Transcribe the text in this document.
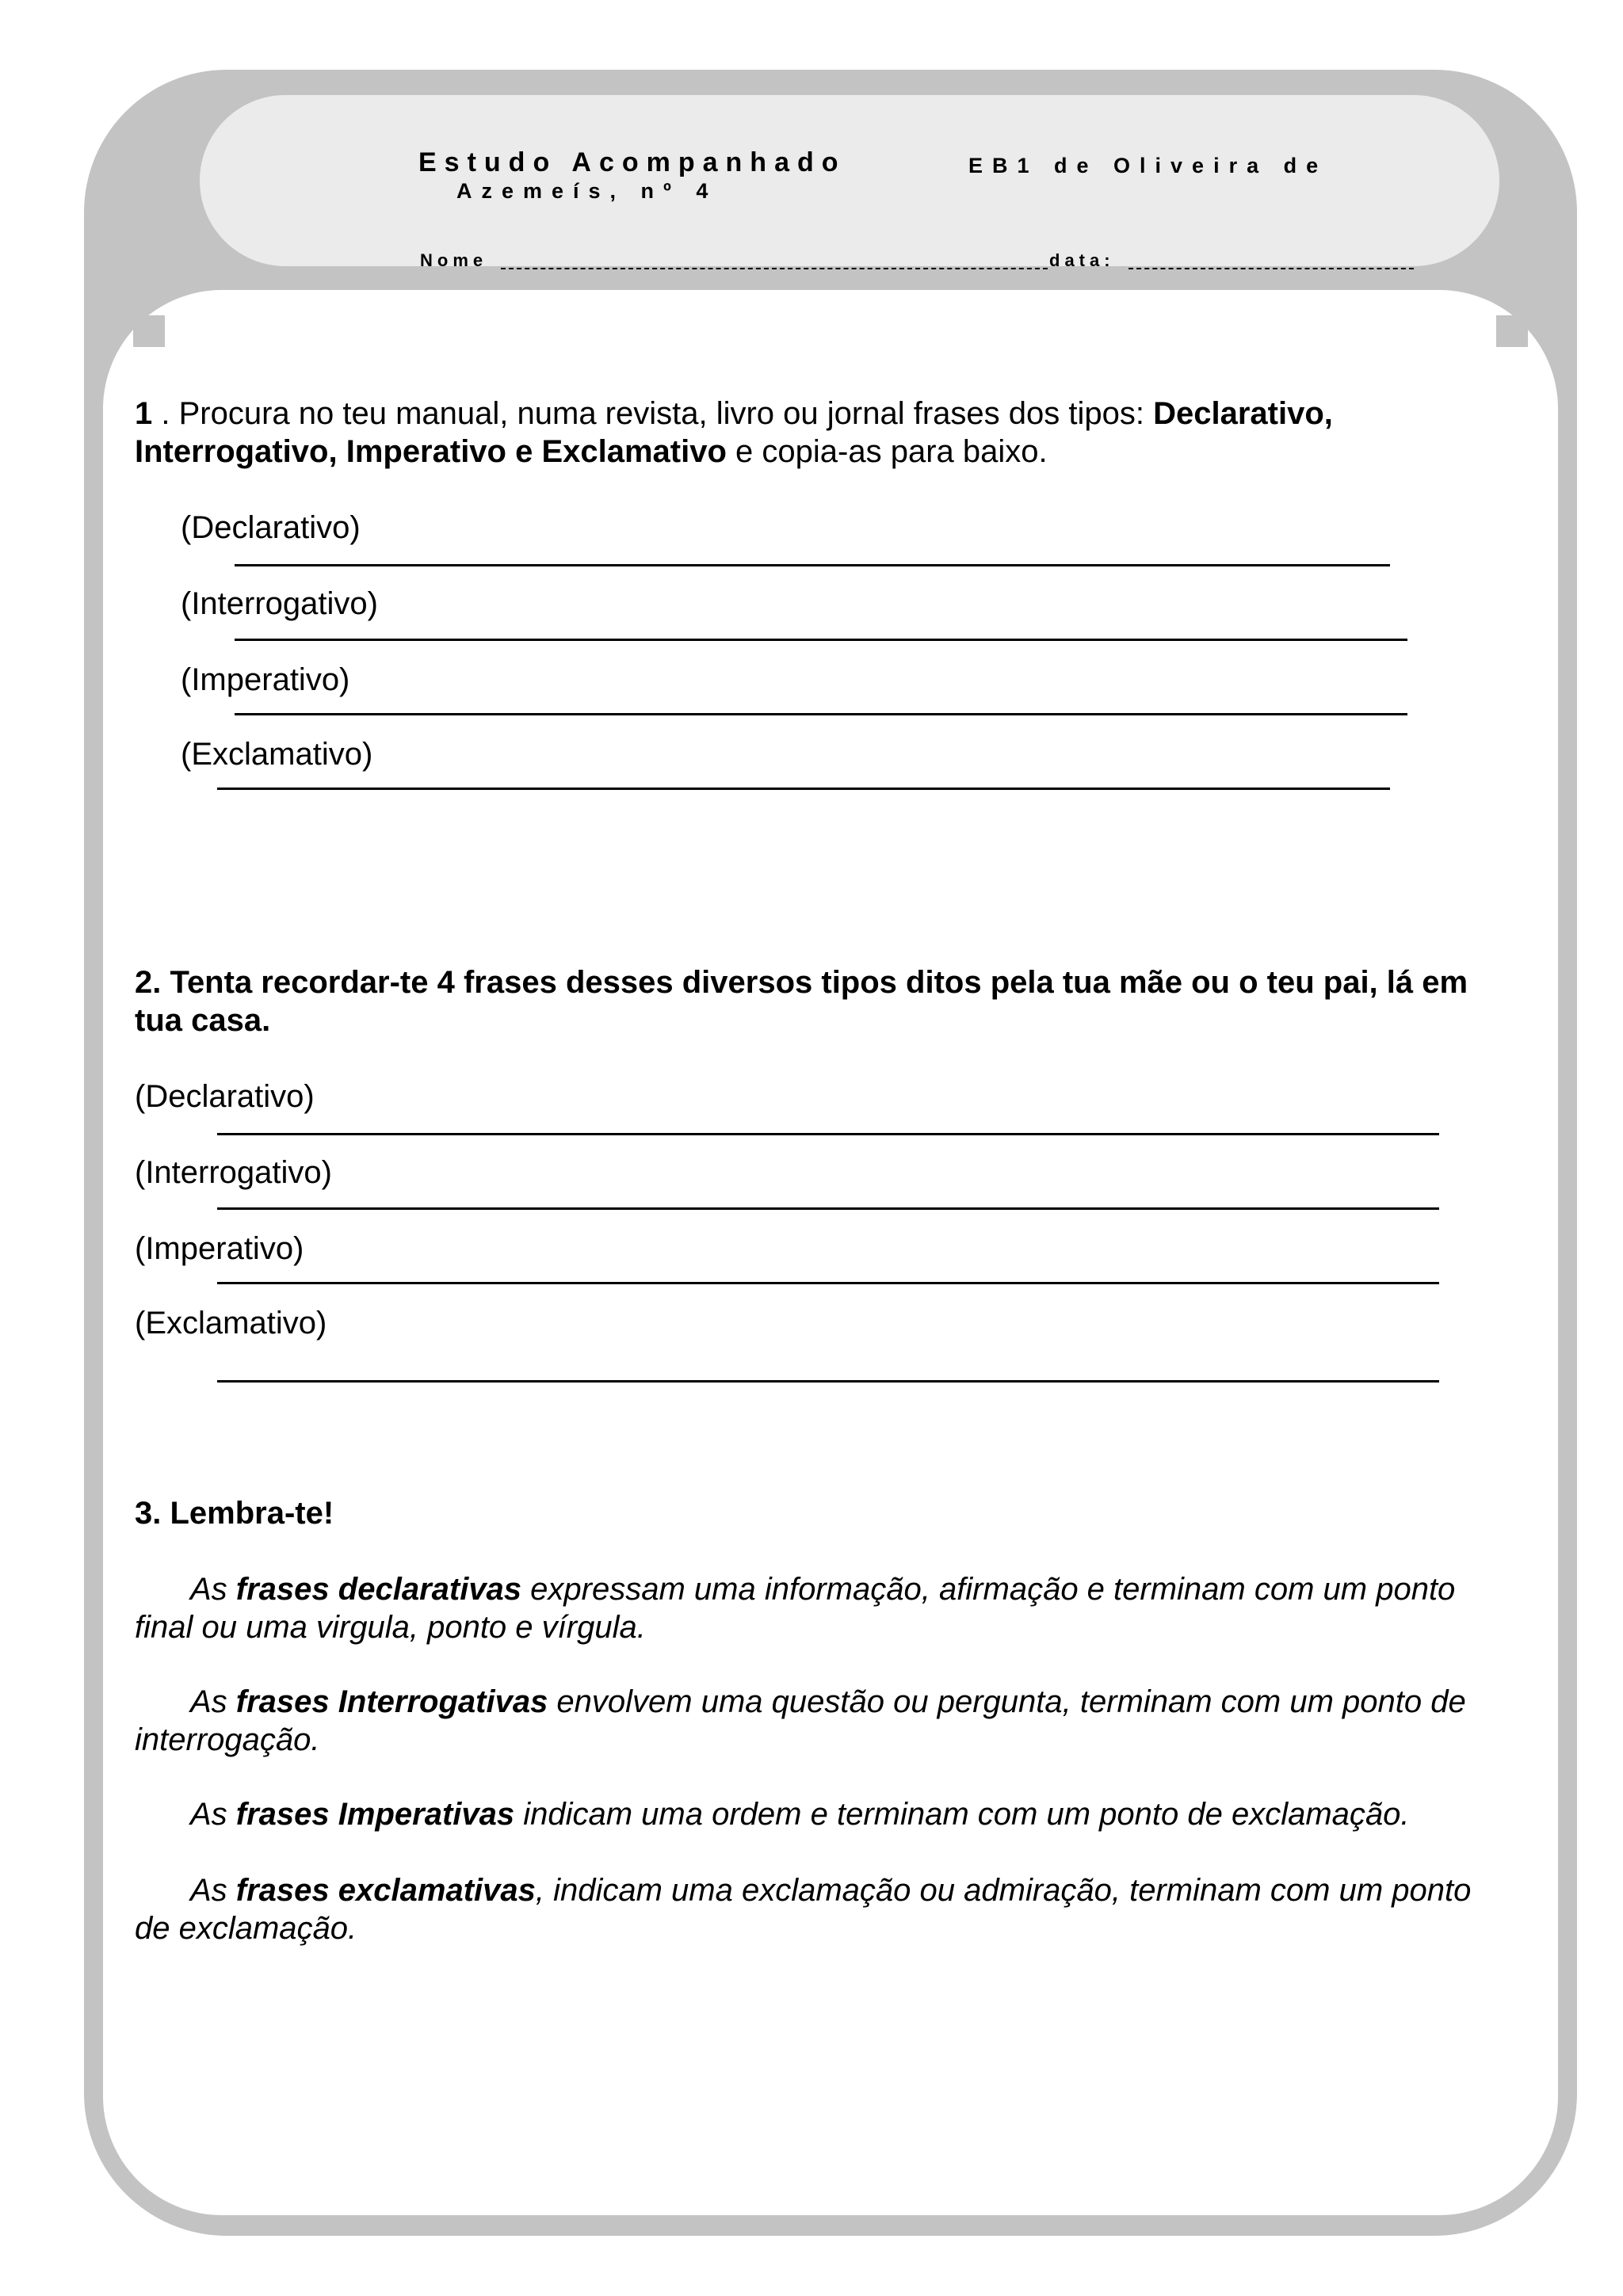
Estudo Acompanhado	EB1 de Oliveira de
Azemeís, nº 4
Nome	data:
1 . Procura no teu manual, numa revista, livro ou jornal frases dos tipos: Declarativo,
Interrogativo, Imperativo e Exclamativo e copia-as para baixo.
(Declarativo)
(Interrogativo)
(Imperativo)
(Exclamativo)
2. Tenta recordar-te 4 frases desses diversos tipos ditos pela tua mãe ou o teu pai, lá em
tua casa.
(Declarativo)
(Interrogativo)
(Imperativo)
(Exclamativo)
3. Lembra-te!
As frases declarativas expressam uma informação, afirmação e terminam com um ponto
final ou uma virgula, ponto e vírgula.
As frases Interrogativas envolvem uma questão ou pergunta, terminam com um ponto de
interrogação.
As frases Imperativas indicam uma ordem e terminam com um ponto de exclamação.
As frases exclamativas, indicam uma exclamação ou admiração, terminam com um ponto
de exclamação.
